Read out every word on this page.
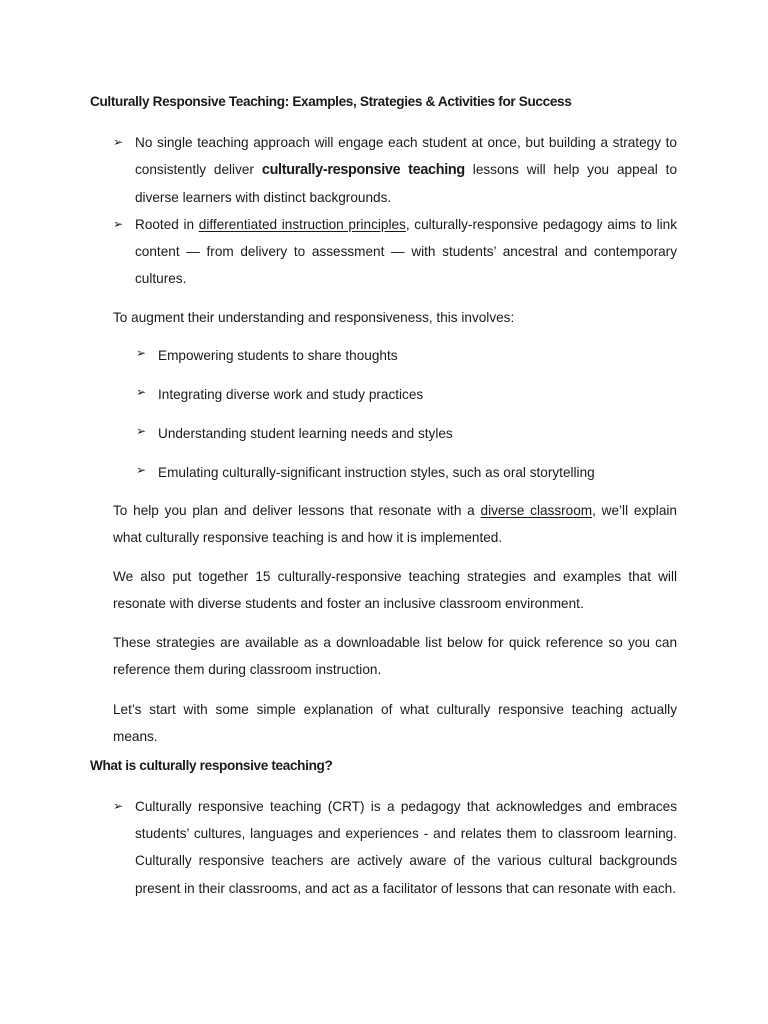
Culturally Responsive Teaching: Examples, Strategies & Activities for Success
➢ No single teaching approach will engage each student at once, but building a strategy to consistently deliver culturally-responsive teaching lessons will help you appeal to diverse learners with distinct backgrounds.
➢ Rooted in differentiated instruction principles, culturally-responsive pedagogy aims to link content — from delivery to assessment — with students’ ancestral and contemporary cultures.

To augment their understanding and responsiveness, this involves:

➢ Empowering students to share thoughts
➢ Integrating diverse work and study practices
➢ Understanding student learning needs and styles
➢ Emulating culturally-significant instruction styles, such as oral storytelling

To help you plan and deliver lessons that resonate with a diverse classroom, we’ll explain what culturally responsive teaching is and how it is implemented.

We also put together 15 culturally-responsive teaching strategies and examples that will resonate with diverse students and foster an inclusive classroom environment.

These strategies are available as a downloadable list below for quick reference so you can reference them during classroom instruction.

Let’s start with some simple explanation of what culturally responsive teaching actually means.

What is culturally responsive teaching?
➢ Culturally responsive teaching (CRT) is a pedagogy that acknowledges and embraces students’ cultures, languages and experiences - and relates them to classroom learning. Culturally responsive teachers are actively aware of the various cultural backgrounds present in their classrooms, and act as a facilitator of lessons that can resonate with each.
